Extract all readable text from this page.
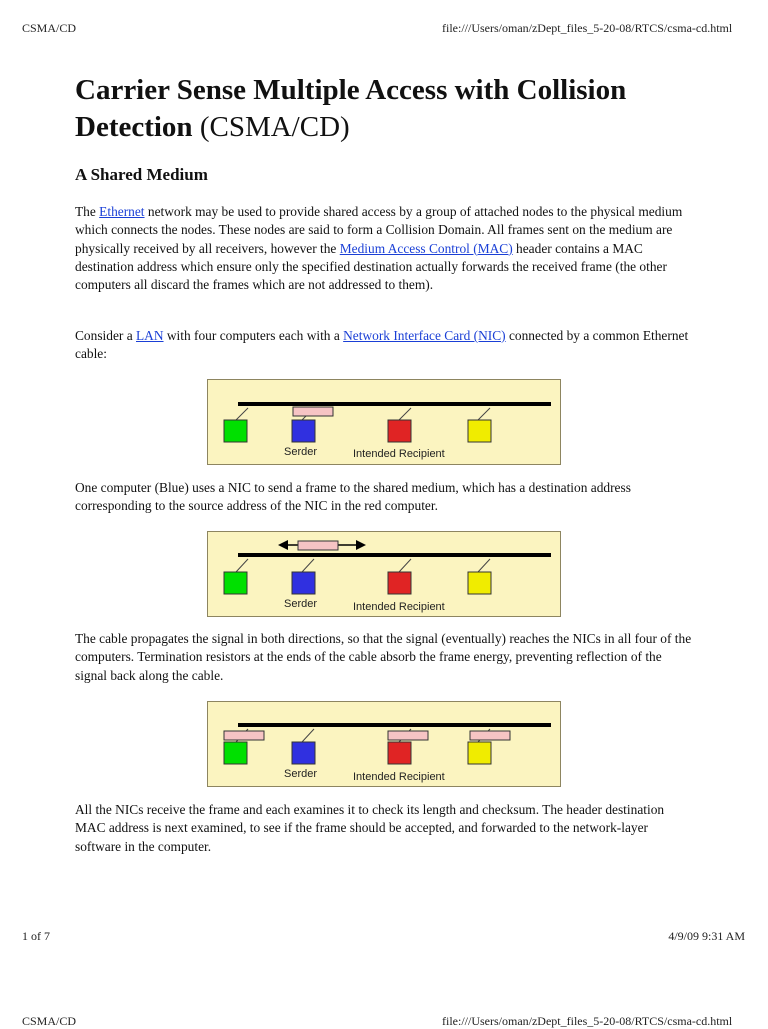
CSMA/CD	file:///Users/oman/zDept_files_5-20-08/RTCS/csma-cd.html
Carrier Sense Multiple Access with Collision Detection (CSMA/CD)
A Shared Medium

The Ethernet network may be used to provide shared access by a group of attached nodes to the physical medium which connects the nodes. These nodes are said to form a Collision Domain. All frames sent on the medium are physically received by all receivers, however the Medium Access Control (MAC) header contains a MAC destination address which ensure only the specified destination actually forwards the received frame (the other computers all discard the frames which are not addressed to them).

Consider a LAN with four computers each with a Network Interface Card (NIC) connected by a common Ethernet cable:

Serder	Intended Recipient

One computer (Blue) uses a NIC to send a frame to the shared medium, which has a destination address corresponding to the source address of the NIC in the red computer.

Serder	Intended Recipient

The cable propagates the signal in both directions, so that the signal (eventually) reaches the NICs in all four of the computers. Termination resistors at the ends of the cable absorb the frame energy, preventing reflection of the signal back along the cable.

Serder	Intended Recipient

All the NICs receive the frame and each examines it to check its length and checksum. The header destination MAC address is next examined, to see if the frame should be accepted, and forwarded to the network-layer software in the computer.

1 of 7	4/9/09 9:31 AM
CSMA/CD	file:///Users/oman/zDept_files_5-20-08/RTCS/csma-cd.html
